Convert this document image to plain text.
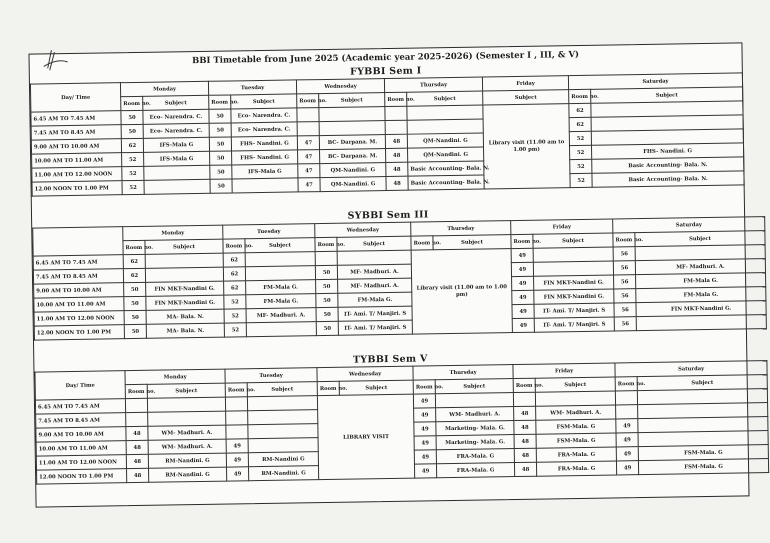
BBI Timetable from June 2025 (Academic year 2025-2026) (Semester I , III, & V)
FYBBI Sem I
Day/ Time	Monday		Tuesday		Wednesday		Thursday		Friday	Saturday	
	Room no.	Subject	Room no.	Subject	Room no.	Subject	Room no.	Subject	Subject	Room no.	Subject
6.45 AM TO 7.45 AM	50	Eco- Narendra. C.	50	Eco- Narendra. C.					Library visit (11.00 am to 1.00 pm)	62	
7.45 AM TO 8.45 AM	50	Eco- Narendra. C.	50	Eco- Narendra. C.						62	
9.00 AM TO 10.00 AM	62	IFS-Mala G	50	FHS- Nandini. G	47	BC- Darpana. M.	48	QM-Nandini. G		52	
10.00 AM TO 11.00 AM	52	IFS-Mala G	50	FHS- Nandini. G	47	BC- Darpana. M.	48	QM-Nandini. G		52	FHS- Nandini. G
11.00 AM TO 12.00 NOON	52		50	IFS-Mala G	47	QM-Nandini. G	48	Basic Accounting- Bala. N.		52	Basic Accounting- Bala. N.
12.00 NOON TO 1.00 PM	52		50		47	QM-Nandini. G	48	Basic Accounting- Bala. N.		52	Basic Accounting- Bala. N.
SYBBI Sem III
	Monday		Tuesday		Wednesday		Thursday		Friday		Saturday	
	Room no.	Subject	Room no.	Subject	Room no.	Subject	Room no.	Subject	Room no.	Subject	Room no.	Subject
6.45 AM TO 7.45 AM	62		62				Library visit (11.00 am to 1.00 pm)		49		56	
7.45 AM TO 8.45 AM	62		62		50	MF- Madhuri. A.			49		56	MF- Madhuri. A.
9.00 AM TO 10.00 AM	50	FIN MKT-Nandini G.	62	FM-Mala G.	50	MF- Madhuri. A.			49	FIN MKT-Nandini G.	56	FM-Mala G.
10.00 AM TO 11.00 AM	50	FIN MKT-Nandini G.	52	FM-Mala G.	50	FM-Mala G.			49	FIN MKT-Nandini G.	56	FM-Mala G.
11.00 AM TO 12.00 NOON	50	MA- Bala. N.	52	MF- Madhuri. A.	50	IT- Ami. T/ Manjiri. S			49	IT- Ami. T/ Manjiri. S	56	FIN MKT-Nandini G.
12.00 NOON TO 1.00 PM	50	MA- Bala. N.	52		50	IT- Ami. T/ Manjiri. S			49	IT- Ami. T/ Manjiri. S	56	
TYBBI Sem V
Day/ Time	Monday		Tuesday		Wednesday		Thursday		Friday		Saturday	
	Room no.	Subject	Room no.	Subject	Room no.	Subject	Room no.	Subject	Room no.	Subject	Room no.	Subject
6.45 AM TO 7.45 AM					LIBRARY VISIT		49					
7.45 AM TO 8.45 AM							49	WM- Madhuri. A.	48	WM- Madhuri. A.		
9.00 AM TO 10.00 AM	48	WM- Madhuri. A.					49	Marketing- Mala. G.	48	FSM-Mala. G	49	
10.00 AM TO 11.00 AM	48	WM- Madhuri. A.	49				49	Marketing- Mala. G.	48	FSM-Mala. G	49	
11.00 AM TO 12.00 NOON	48	RM-Nandini. G	49	RM-Nandini G			49	FRA-Mala. G	48	FRA-Mala. G	49	FSM-Mala. G
12.00 NOON TO 1.00 PM	48	RM-Nandini. G	49	RM-Nandini. G			49	FRA-Mala. G	48	FRA-Mala. G	49	FSM-Mala. G
